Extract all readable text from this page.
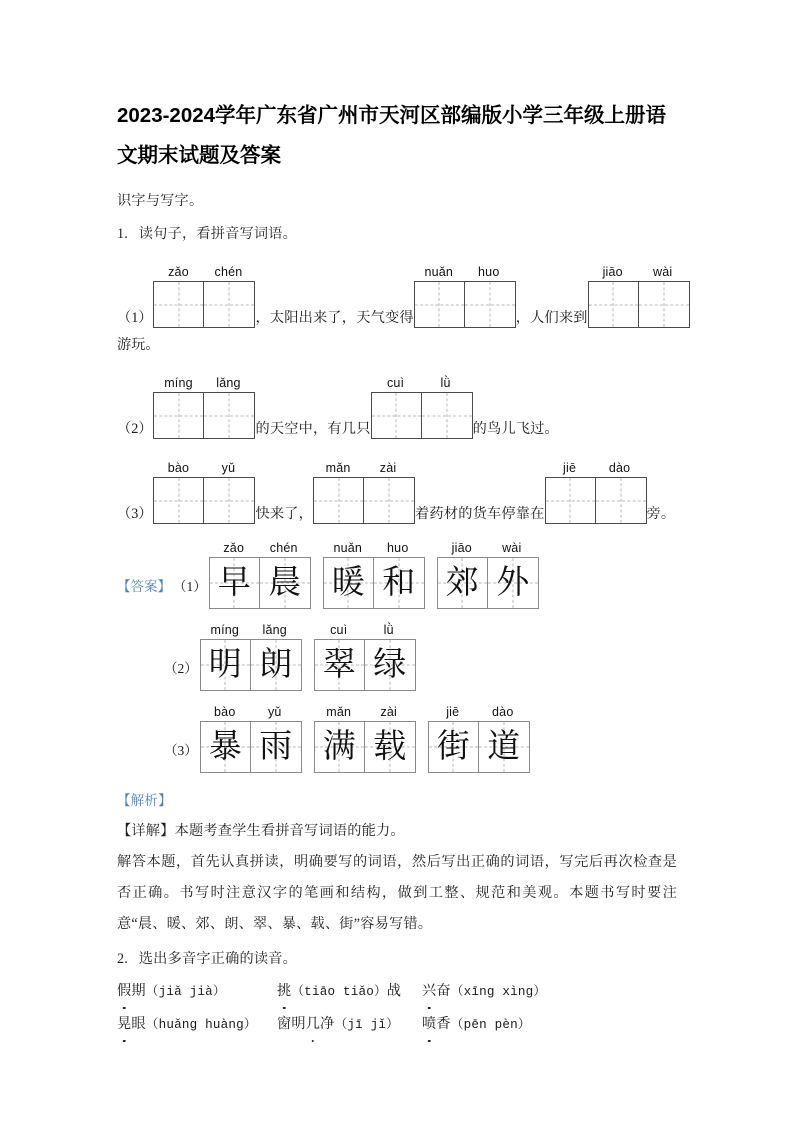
2023-2024学年广东省广州市天河区部编版小学三年级上册语文期末试题及答案

识字与写字。

1. 读句子，看拼音写词语。

（1）
zǎo	chén
，太阳出来了，天气变得
nuǎn	huo
，人们来到
jiāo	wài

游玩。

（2）
míng	lǎng
的天空中，有几只
cuì	lǜ
的鸟儿飞过。
（3）
bào	yǔ
快来了，
mǎn	zài
着药材的货车停靠在
jiē	dào
旁。
【答案】 （1）
zǎo	chén
早 晨
nuǎn	huo
暖 和
jiāo	wài
郊 外
（2）
míng	lǎng
明 朗
cuì	lǜ
翠 绿
（3）
bào	yǔ
暴 雨
mǎn	zài
满 载
jiē	dào
街 道

【解析】

【详解】本题考查学生看拼音写词语的能力。

解答本题，首先认真拼读，明确要写的词语，然后写出正确的词语，写完后再次检查是否正确。书写时注意汉字的笔画和结构，做到工整、规范和美观。本题书写时要注意“晨、暖、郊、朗、翠、暴、载、街”容易写错。

2. 选出多音字正确的读音。

假期（jiǎ jià）	挑（tiāo tiǎo）战	兴奋（xīng xìng）
晃眼（huǎng huàng）	窗明几净（jī jǐ）	喷香（pēn pèn）
